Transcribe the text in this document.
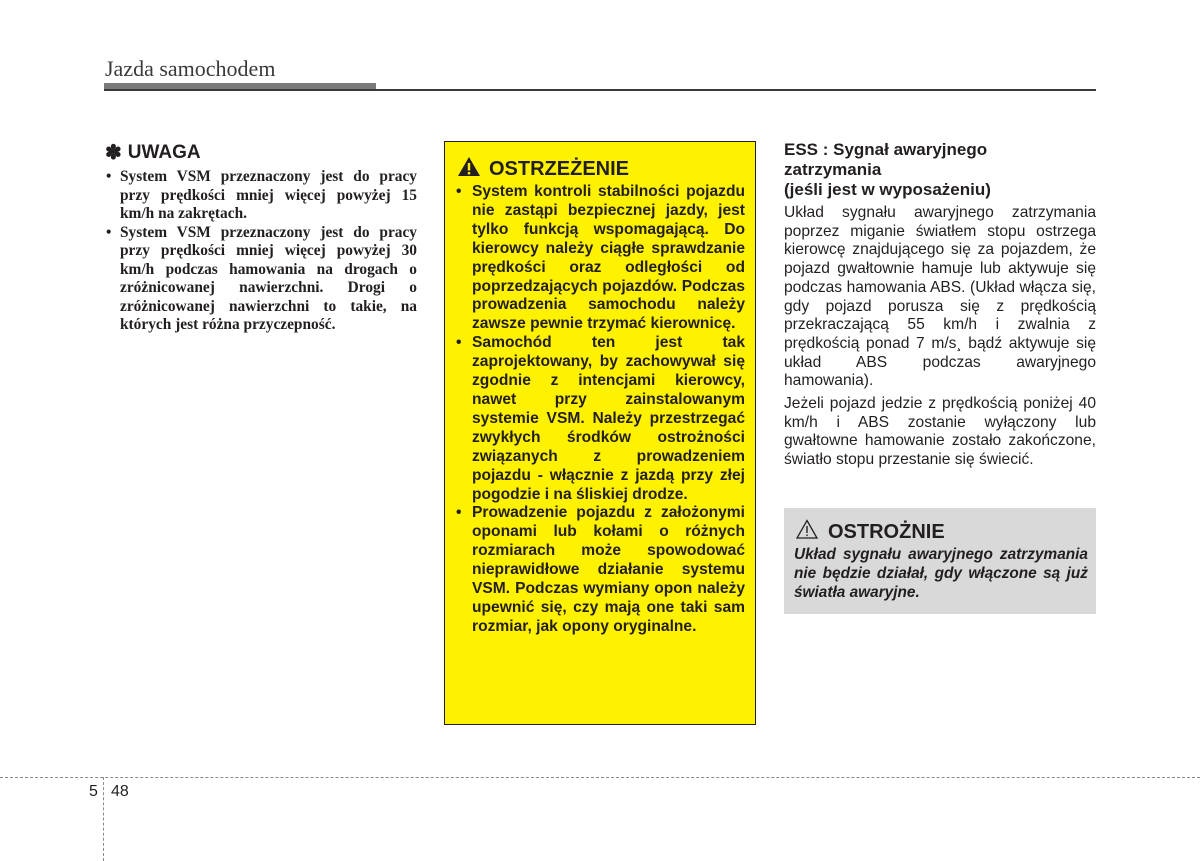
Jazda samochodem
✽ UWAGA
• System VSM przeznaczony jest do pracy przy prędkości mniej więcej powyżej 15 km/h na zakrętach.
• System VSM przeznaczony jest do pracy przy prędkości mniej więcej powyżej 30 km/h podczas hamowania na drogach o zróżnicowanej nawierzchni. Drogi o zróżnicowanej nawierzchni to takie, na których jest różna przyczepność.
OSTRZEŻENIE
• System kontroli stabilności pojazdu nie zastąpi bezpiecznej jazdy, jest tylko funkcją wspomagającą. Do kierowcy należy ciągłe sprawdzanie prędkości oraz odległości od poprzedzających pojazdów. Podczas prowadzenia samochodu należy zawsze pewnie trzymać kierownicę.
• Samochód ten jest tak zaprojektowany, by zachowywał się zgodnie z intencjami kierowcy, nawet przy zainstalowanym systemie VSM. Należy przestrzegać zwykłych środków ostrożności związanych z prowadzeniem pojazdu - włącznie z jazdą przy złej pogodzie i na śliskiej drodze.
• Prowadzenie pojazdu z założonymi oponami lub kołami o różnych rozmiarach może spowodować nieprawidłowe działanie systemu VSM. Podczas wymiany opon należy upewnić się, czy mają one taki sam rozmiar, jak opony oryginalne.
ESS : Sygnał awaryjnego
zatrzymania
(jeśli jest w wyposażeniu)

Układ sygnału awaryjnego zatrzymania poprzez miganie światłem stopu ostrzega kierowcę znajdującego się za pojazdem, że pojazd gwałtownie hamuje lub aktywuje się podczas hamowania ABS. (Układ włącza się, gdy pojazd porusza się z prędkością przekraczającą 55 km/h i zwalnia z prędkością ponad 7 m/s¸ bądź aktywuje się układ ABS podczas awaryjnego hamowania).

Jeżeli pojazd jedzie z prędkością poniżej 40 km/h i ABS zostanie wyłączony lub gwałtowne hamowanie zostało zakończone, światło stopu przestanie się świecić.

OSTROŻNIE
Układ sygnału awaryjnego zatrzymania nie będzie działał, gdy włączone są już światła awaryjne.
5 48
